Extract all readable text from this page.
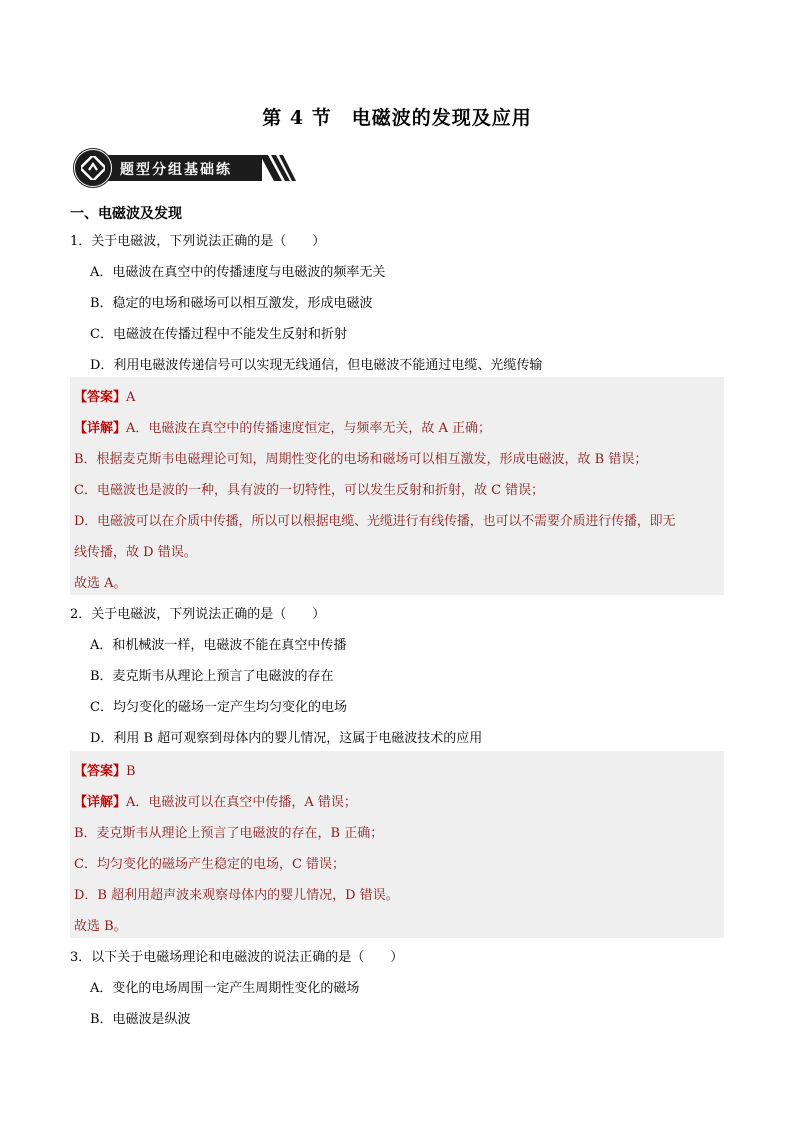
第 4 节　电磁波的发现及应用
题型分组基础练
一、电磁波及发现
1．关于电磁波，下列说法正确的是（　　）
A．电磁波在真空中的传播速度与电磁波的频率无关
B．稳定的电场和磁场可以相互激发，形成电磁波
C．电磁波在传播过程中不能发生反射和折射
D．利用电磁波传递信号可以实现无线通信，但电磁波不能通过电缆、光缆传输
【答案】A
【详解】A．电磁波在真空中的传播速度恒定，与频率无关，故 A 正确；
B．根据麦克斯韦电磁理论可知，周期性变化的电场和磁场可以相互激发，形成电磁波，故 B 错误；
C．电磁波也是波的一种，具有波的一切特性，可以发生反射和折射，故 C 错误；
D．电磁波可以在介质中传播，所以可以根据电缆、光缆进行有线传播，也可以不需要介质进行传播，即无
线传播，故 D 错误。
故选 A。
2．关于电磁波，下列说法正确的是（　　）
A．和机械波一样，电磁波不能在真空中传播
B．麦克斯韦从理论上预言了电磁波的存在
C．均匀变化的磁场一定产生均匀变化的电场
D．利用 B 超可观察到母体内的婴儿情况，这属于电磁波技术的应用
【答案】B
【详解】A．电磁波可以在真空中传播，A 错误；
B．麦克斯韦从理论上预言了电磁波的存在，B 正确；
C．均匀变化的磁场产生稳定的电场，C 错误；
D．B 超利用超声波来观察母体内的婴儿情况，D 错误。
故选 B。
3．以下关于电磁场理论和电磁波的说法正确的是（　　）
A．变化的电场周围一定产生周期性变化的磁场
B．电磁波是纵波
